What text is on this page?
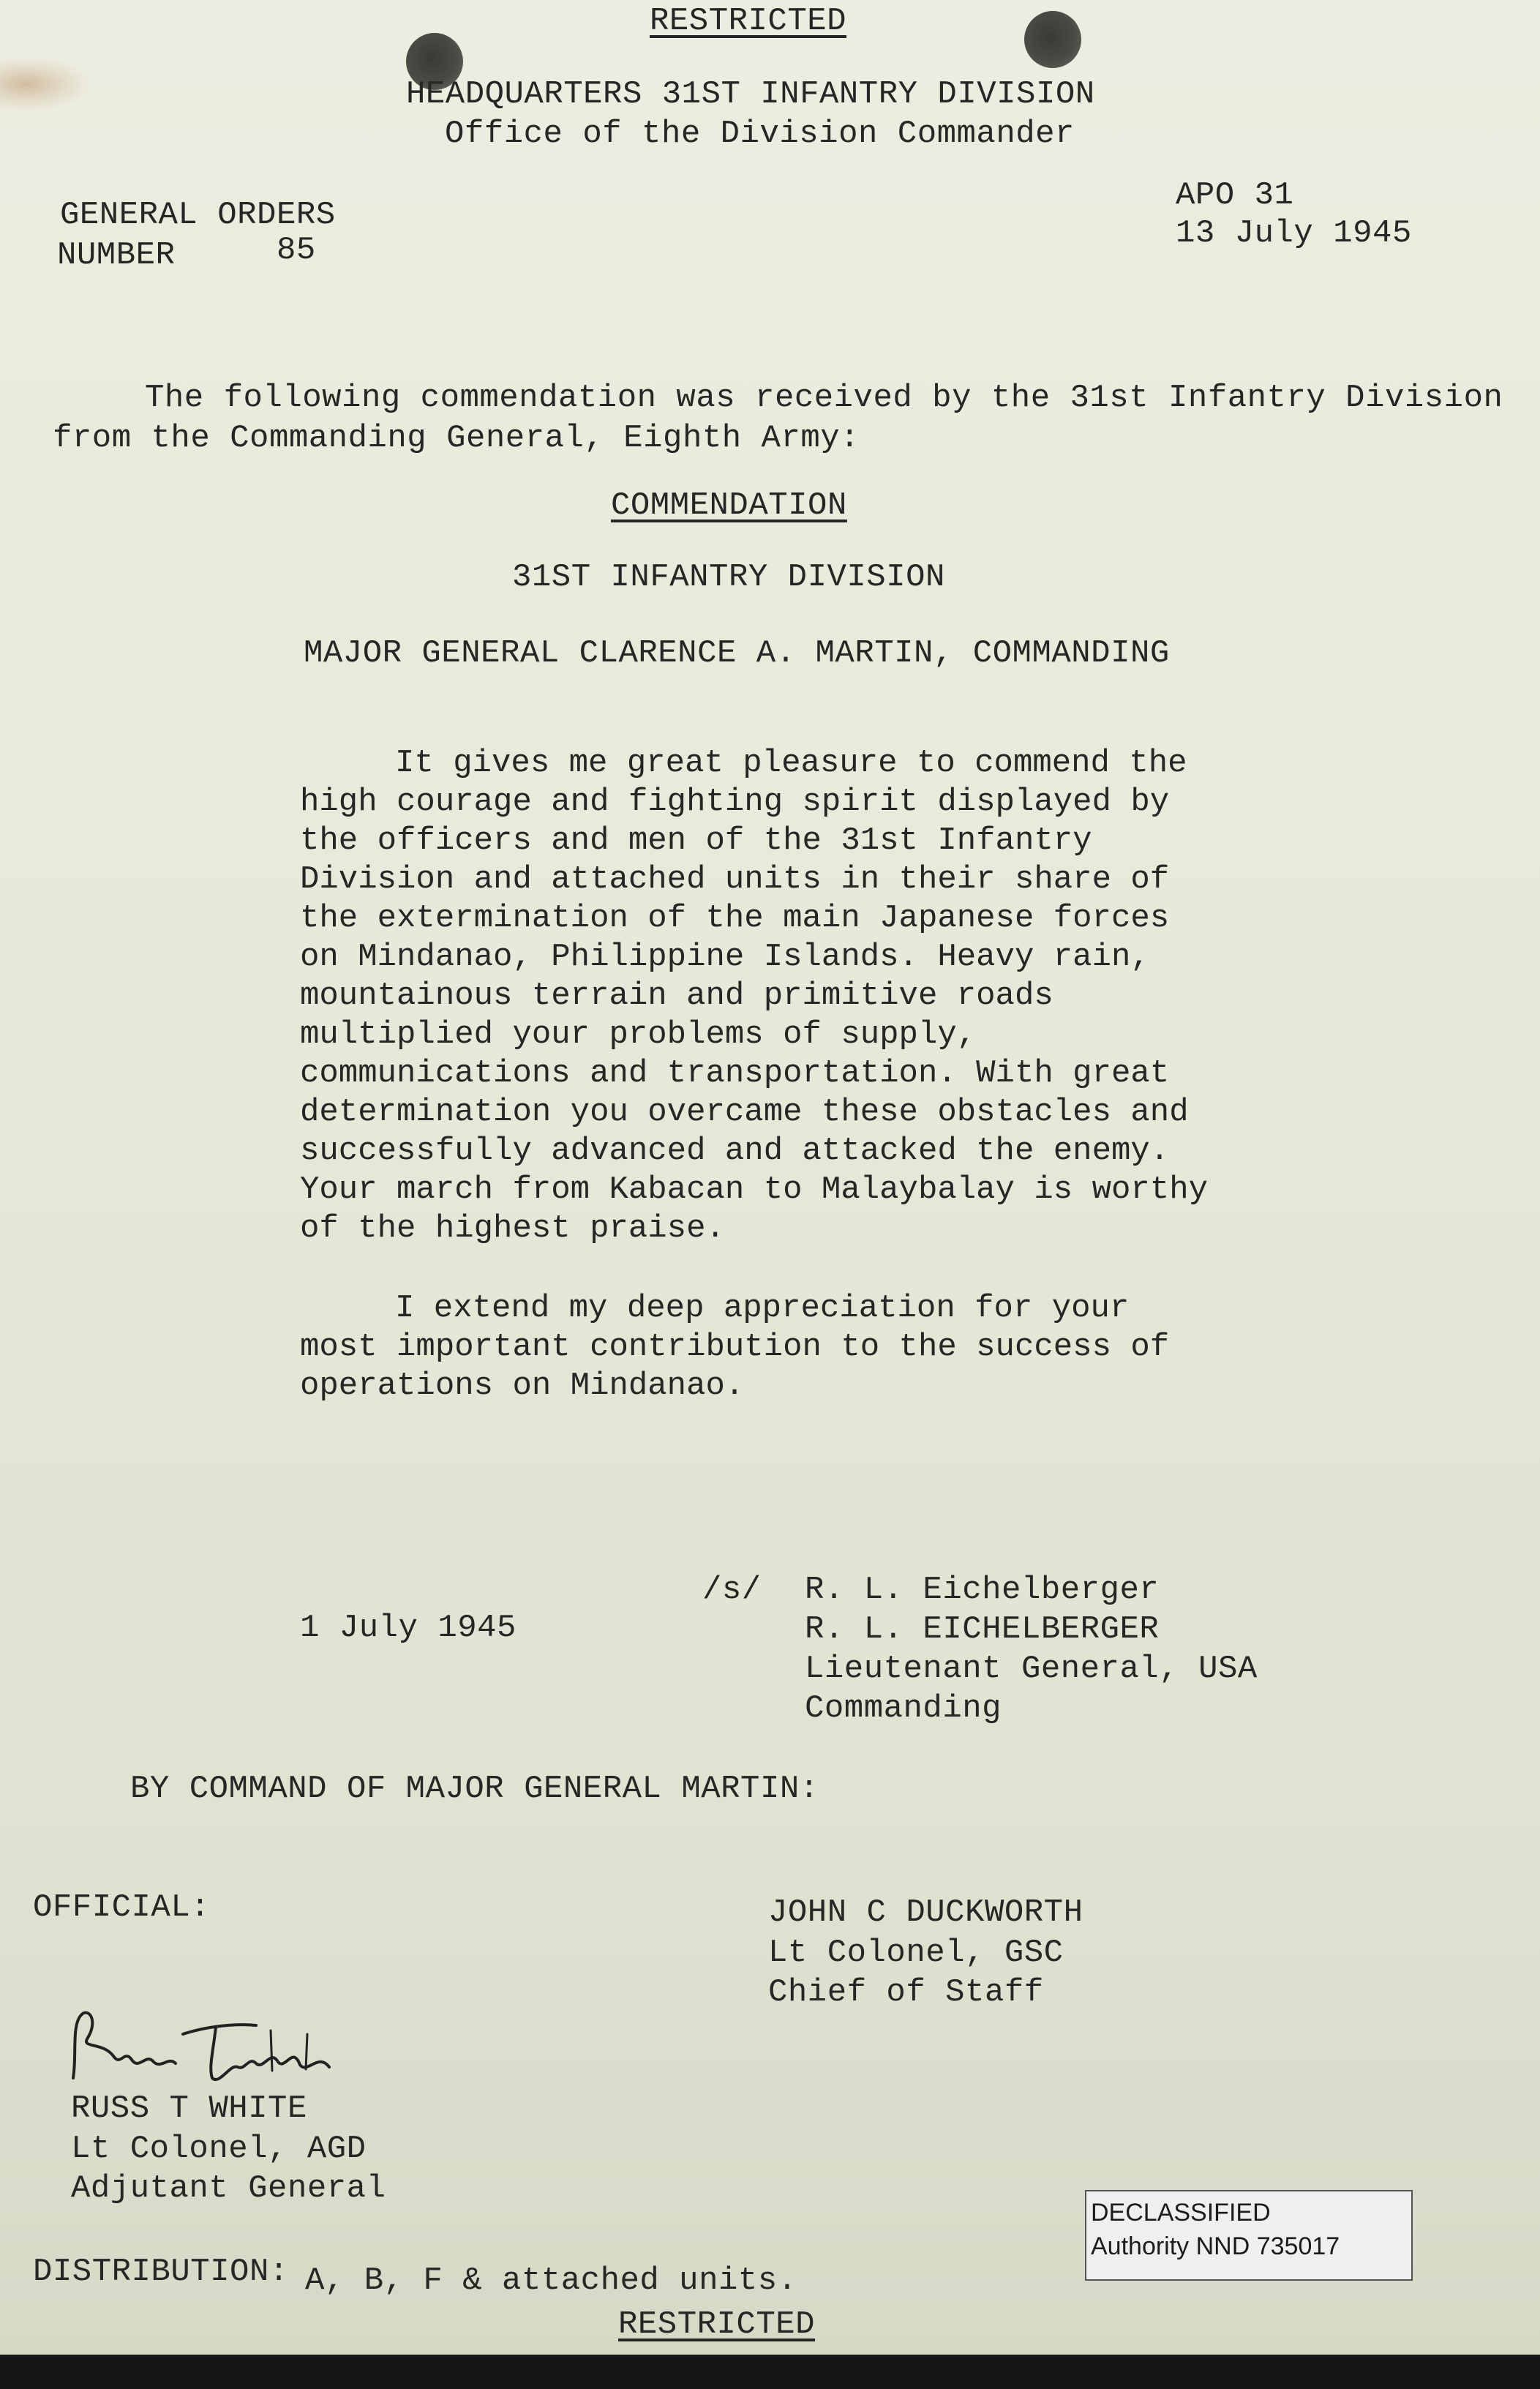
RESTRICTED
HEADQUARTERS 31ST INFANTRY DIVISION
Office of the Division Commander
GENERAL ORDERS
NUMBER	85
APO 31
13 July 1945
The following commendation was received by the 31st Infantry Division
from the Commanding General, Eighth Army:
COMMENDATION
31ST INFANTRY DIVISION
MAJOR GENERAL CLARENCE A. MARTIN, COMMANDING

It gives me great pleasure to commend the high courage and fighting spirit displayed by the officers and men of the 31st Infantry Division and attached units in their share of the extermination of the main Japanese forces on Mindanao, Philippine Islands. Heavy rain, mountainous terrain and primitive roads multiplied your problems of supply, communications and transportation. With great determination you overcame these obstacles and successfully advanced and attacked the enemy. Your march from Kabacan to Malaybalay is worthy of the highest praise.

I extend my deep appreciation for your most important contribution to the success of operations on Mindanao.

1 July 1945
/s/ R. L. Eichelberger
R. L. EICHELBERGER
Lieutenant General, USA
Commanding
BY COMMAND OF MAJOR GENERAL MARTIN:
OFFICIAL:	JOHN C DUCKWORTH
Lt Colonel, GSC
Chief of Staff
RUSS T WHITE
Lt Colonel, AGD
Adjutant General
DISTRIBUTION: A, B, F & attached units.
RESTRICTED
DECLASSIFIED
Authority NND 735017
